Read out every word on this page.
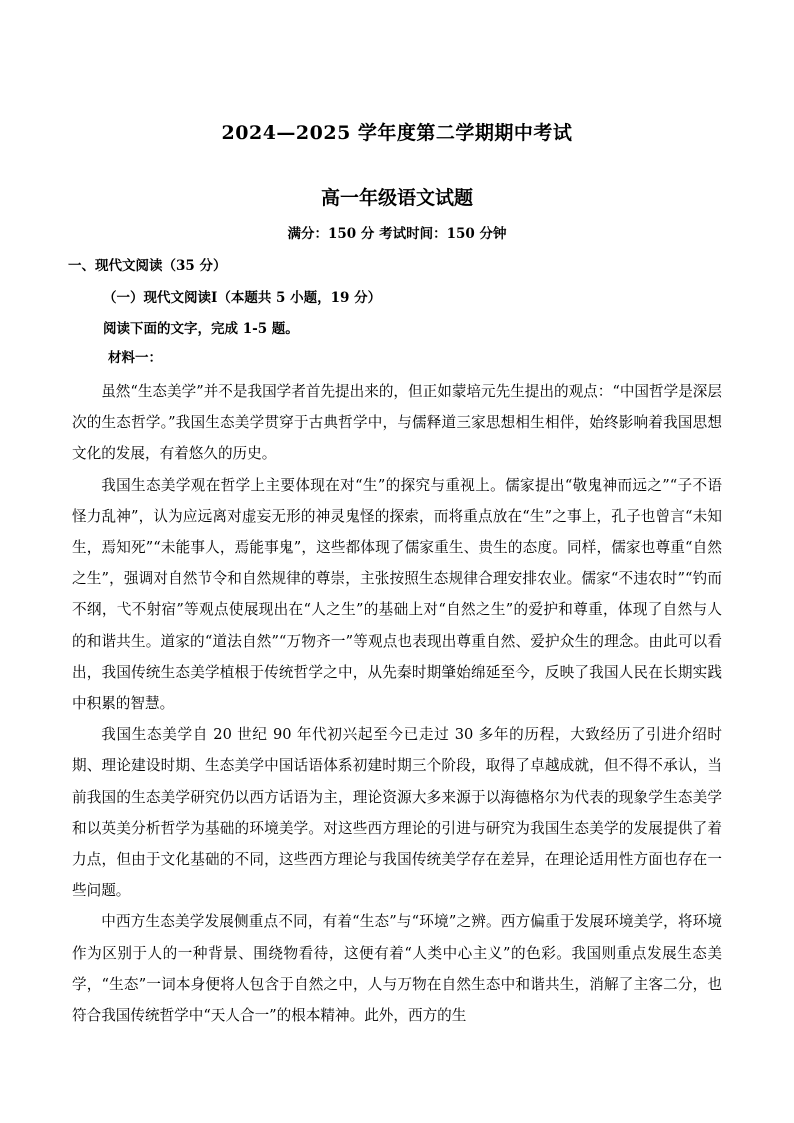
2024—2025 学年度第二学期期中考试
高一年级语文试题
满分：150 分 考试时间：150 分钟
一、现代文阅读（35 分）
（一）现代文阅读Ⅰ（本题共 5 小题，19 分）
阅读下面的文字，完成 1-5 题。
材料一：

虽然“生态美学”并不是我国学者首先提出来的，但正如蒙培元先生提出的观点：“中国哲学是深层次的生态哲学。”我国生态美学贯穿于古典哲学中，与儒释道三家思想相生相伴，始终影响着我国思想文化的发展，有着悠久的历史。

我国生态美学观在哲学上主要体现在对“生”的探究与重视上。儒家提出“敬鬼神而远之”“子不语怪力乱神”，认为应远离对虚妄无形的神灵鬼怪的探索，而将重点放在“生”之事上，孔子也曾言“未知生，焉知死”“未能事人，焉能事鬼”，这些都体现了儒家重生、贵生的态度。同样，儒家也尊重“自然之生”，强调对自然节令和自然规律的尊崇，主张按照生态规律合理安排农业。儒家“不违农时”“钓而不纲，弋不射宿”等观点使展现出在“人之生”的基础上对“自然之生”的爱护和尊重，体现了自然与人的和谐共生。道家的“道法自然”“万物齐一”等观点也表现出尊重自然、爱护众生的理念。由此可以看出，我国传统生态美学植根于传统哲学之中，从先秦时期肇始绵延至今，反映了我国人民在长期实践中积累的智慧。

我国生态美学自 20 世纪 90 年代初兴起至今已走过 30 多年的历程，大致经历了引进介绍时期、理论建设时期、生态美学中国话语体系初建时期三个阶段，取得了卓越成就，但不得不承认，当前我国的生态美学研究仍以西方话语为主，理论资源大多来源于以海德格尔为代表的现象学生态美学和以英美分析哲学为基础的环境美学。对这些西方理论的引进与研究为我国生态美学的发展提供了着力点，但由于文化基础的不同，这些西方理论与我国传统美学存在差异，在理论适用性方面也存在一些问题。

中西方生态美学发展侧重点不同，有着“生态”与“环境”之辨。西方偏重于发展环境美学，将环境作为区别于人的一种背景、围绕物看待，这便有着“人类中心主义”的色彩。我国则重点发展生态美学，“生态”一词本身便将人包含于自然之中，人与万物在自然生态中和谐共生，消解了主客二分，也符合我国传统哲学中“天人合一”的根本精神。此外，西方的生
